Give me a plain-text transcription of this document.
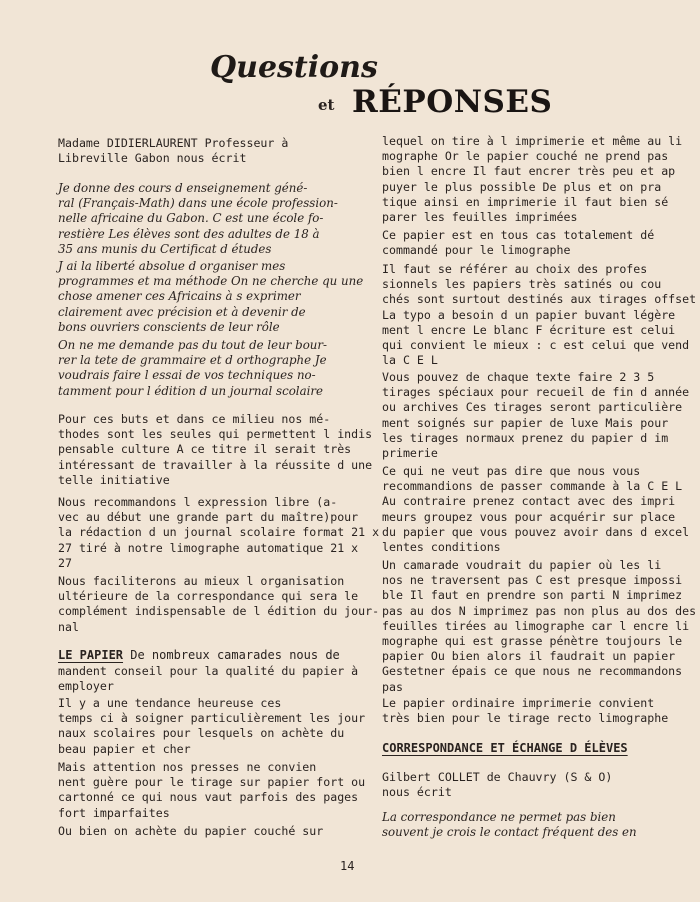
Questions
et RÉPONSES

Madame DIDIERLAURENT Professeur à

Libreville Gabon nous écrit

Je donne des cours d enseignement géné-

ral (Français-Math) dans une école profession-

nelle africaine du Gabon. C est une école fo-

restière Les élèves sont des adultes de 18 à

35 ans munis du Certificat d études

J ai la liberté absolue d organiser mes

programmes et ma méthode On ne cherche qu une

chose amener ces Africains à s exprimer

clairement avec précision et à devenir de

bons ouvriers conscients de leur rôle

On ne me demande pas du tout de leur bour-

rer la tete de grammaire et d orthographe Je

voudrais faire l essai de vos techniques no-

tamment pour l édition d un journal scolaire

Pour ces buts et dans ce milieu nos mé-

thodes sont les seules qui permettent l indis

pensable culture A ce titre il serait très

intéressant de travailler à la réussite d une

telle initiative

Nous recommandons l expression libre (a-

vec au début une grande part du maître)pour

la rédaction d un journal scolaire format 21 x

27 tiré à notre limographe automatique 21 x

27

Nous faciliterons au mieux l organisation

ultérieure de la correspondance qui sera le

complément indispensable de l édition du jour-

nal

LE PAPIER De nombreux camarades nous de

mandent conseil pour la qualité du papier à

employer

Il y a une tendance heureuse ces

temps ci à soigner particulièrement les jour

naux scolaires pour lesquels on achète du

beau papier et cher

Mais attention nos presses ne convien

nent guère pour le tirage sur papier fort ou

cartonné ce qui nous vaut parfois des pages

fort imparfaites

Ou bien on achète du papier couché sur

lequel on tire à l imprimerie et même au li

mographe Or le papier couché ne prend pas

bien l encre Il faut encrer très peu et ap

puyer le plus possible De plus et on pra

tique ainsi en imprimerie il faut bien sé

parer les feuilles imprimées

Ce papier est en tous cas totalement dé

commandé pour le limographe

Il faut se référer au choix des profes

sionnels les papiers très satinés ou cou

chés sont surtout destinés aux tirages offset

La typo a besoin d un papier buvant légère

ment l encre Le blanc F écriture est celui

qui convient le mieux : c est celui que vend

la C E L

Vous pouvez de chaque texte faire 2 3 5

tirages spéciaux pour recueil de fin d année

ou archives Ces tirages seront particulière

ment soignés sur papier de luxe Mais pour

les tirages normaux prenez du papier d im

primerie

Ce qui ne veut pas dire que nous vous

recommandions de passer commande à la C E L

Au contraire prenez contact avec des impri

meurs groupez vous pour acquérir sur place

du papier que vous pouvez avoir dans d excel

lentes conditions

Un camarade voudrait du papier où les li

nos ne traversent pas C est presque impossi

ble Il faut en prendre son parti N imprimez

pas au dos N imprimez pas non plus au dos des

feuilles tirées au limographe car l encre li

mographe qui est grasse pénètre toujours le

papier Ou bien alors il faudrait un papier

Gestetner épais ce que nous ne recommandons

pas

Le papier ordinaire imprimerie convient

très bien pour le tirage recto limographe

CORRESPONDANCE ET ÉCHANGE D ÉLÈVES

Gilbert COLLET de Chauvry (S & O)

nous écrit

La correspondance ne permet pas bien

souvent je crois le contact fréquent des en

14
